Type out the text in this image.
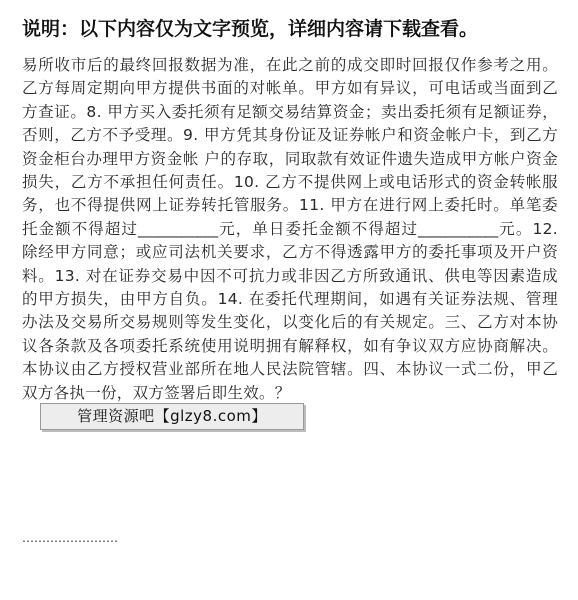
说明：以下内容仅为文字预览，详细内容请下载查看。
易所收市后的最终回报数据为准，在此之前的成交即时回报仅作参考之用。乙方每周定期向甲方提供书面的对帐单。甲方如有异议，可电话或当面到乙方查证。8. 甲方买入委托须有足额交易结算资金；卖出委托须有足额证券，否则，乙方不予受理。9. 甲方凭其身份证及证券帐户和资金帐户卡，到乙方资金柜台办理甲方资金帐 户的存取，同取款有效证件遗失造成甲方帐户资金损失，乙方不承担任何责任。10. 乙方不提供网上或电话形式的资金转帐服务，也不得提供网上证券转托管服务。11. 甲方在进行网上委托时。单笔委托金额不得超过__________元，单日委托金额不得超过__________元。12. 除经甲方同意；或应司法机关要求，乙方不得透露甲方的委托事项及开户资料。13. 对在证券交易中因不可抗力或非因乙方所致通讯、供电等因素造成的甲方损失，由甲方自负。14. 在委托代理期间，如遇有关证券法规、管理办法及交易所交易规则等发生变化，以变化后的有关规定。三、乙方对本协议各条款及各项委托系统使用说明拥有解释权，如有争议双方应协商解决。本协议由乙方授权营业部所在地人民法院管辖。四、本协议一式二份，甲乙双方各执一份，双方签署后即生效。？
管理资源吧【glzy8.com】
……………………
